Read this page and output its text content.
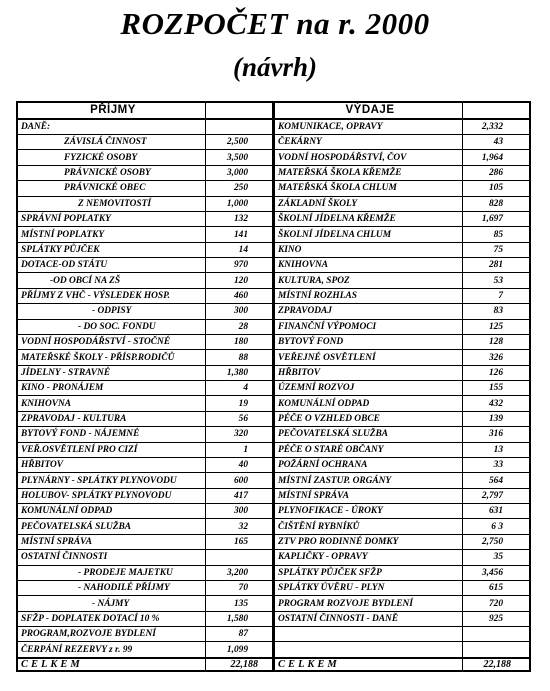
ROZPOČET na r. 2000
(návrh)
PŘÍJMY
DANĚ:
ZÁVISLÁ ČINNOST	2,500
FYZICKÉ OSOBY	3,500
PRÁVNICKÉ OSOBY	3,000
PRÁVNICKÉ OBEC	250
Z NEMOVITOSTÍ	1,000
SPRÁVNÍ POPLATKY	132
MÍSTNÍ POPLATKY	141
SPLÁTKY PŮJČEK	14
DOTACE-OD STÁTU	970
-OD OBCÍ NA ZŠ	120
PŘÍJMY Z VHČ - VÝSLEDEK HOSP.	460
- ODPISY	300
- DO SOC. FONDU	28
VODNÍ HOSPODÁŘSTVÍ - STOČNÉ	180
MATEŘSKÉ ŠKOLY - PŘÍSP.RODIČŮ	88
JÍDELNY - STRAVNÉ	1,380
KINO - PRONÁJEM	4
KNIHOVNA	19
ZPRAVODAJ - KULTURA	56
BYTOVÝ FOND - NÁJEMNÉ	320
VEŘ.OSVĚTLENÍ PRO CIZÍ	1
HŘBITOV	40
PLYNÁRNY - SPLÁTKY PLYNOVODU	600
HOLUBOV- SPLÁTKY PLYNOVODU	417
KOMUNÁLNÍ ODPAD	300
PEČOVATELSKÁ SLUŽBA	32
MÍSTNÍ SPRÁVA	165
OSTATNÍ ČINNOSTI
- PRODEJE MAJETKU	3,200
- NAHODILÉ PŘÍJMY	70
- NÁJMY	135
SFŽP - DOPLATEK DOTACÍ 10 %	1,580
PROGRAM,ROZVOJE BYDLENÍ	87
ČERPÁNÍ REZERVY z r. 99	1,099
CELKEM	22,188
VÝDAJE
KOMUNIKACE, OPRAVY	2,332
ČEKÁRNY	43
VODNÍ HOSPODÁŘSTVÍ, ČOV	1,964
MATEŘSKÁ ŠKOLA KŘEMŽE	286
MATEŘSKÁ ŠKOLA CHLUM	105
ZÁKLADNÍ ŠKOLY	828
ŠKOLNÍ JÍDELNA KŘEMŽE	1,697
ŠKOLNÍ JÍDELNA CHLUM	85
KINO	75
KNIHOVNA	281
KULTURA, SPOZ	53
MÍSTNÍ ROZHLAS	7
ZPRAVODAJ	83
FINANČNÍ VÝPOMOCI	125
BYTOVÝ FOND	128
VEŘEJNÉ OSVĚTLENÍ	326
HŘBITOV	126
ÚZEMNÍ ROZVOJ	155
KOMUNÁLNÍ ODPAD	432
PÉČE O VZHLED OBCE	139
PEČOVATELSKÁ SLUŽBA	316
PÉČE O STARÉ OBČANY	13
POŽÁRNÍ OCHRANA	33
MÍSTNÍ ZASTUP. ORGÁNY	564
MÍSTNÍ SPRÁVA	2,797
PLYNOFIKACE - ÚROKY	631
ČIŠTĚNÍ RYBNÍKŮ	6 3
ZTV PRO RODINNÉ DOMKY	2,750
KAPLIČKY - OPRAVY	35
SPLÁTKY PŮJČEK SFŽP	3,456
SPLÁTKY ÚVĚRU - PLYN	615
PROGRAM ROZVOJE BYDLENÍ	720
OSTATNÍ ČINNOSTI - DANĚ	925
CELKEM	22,188
